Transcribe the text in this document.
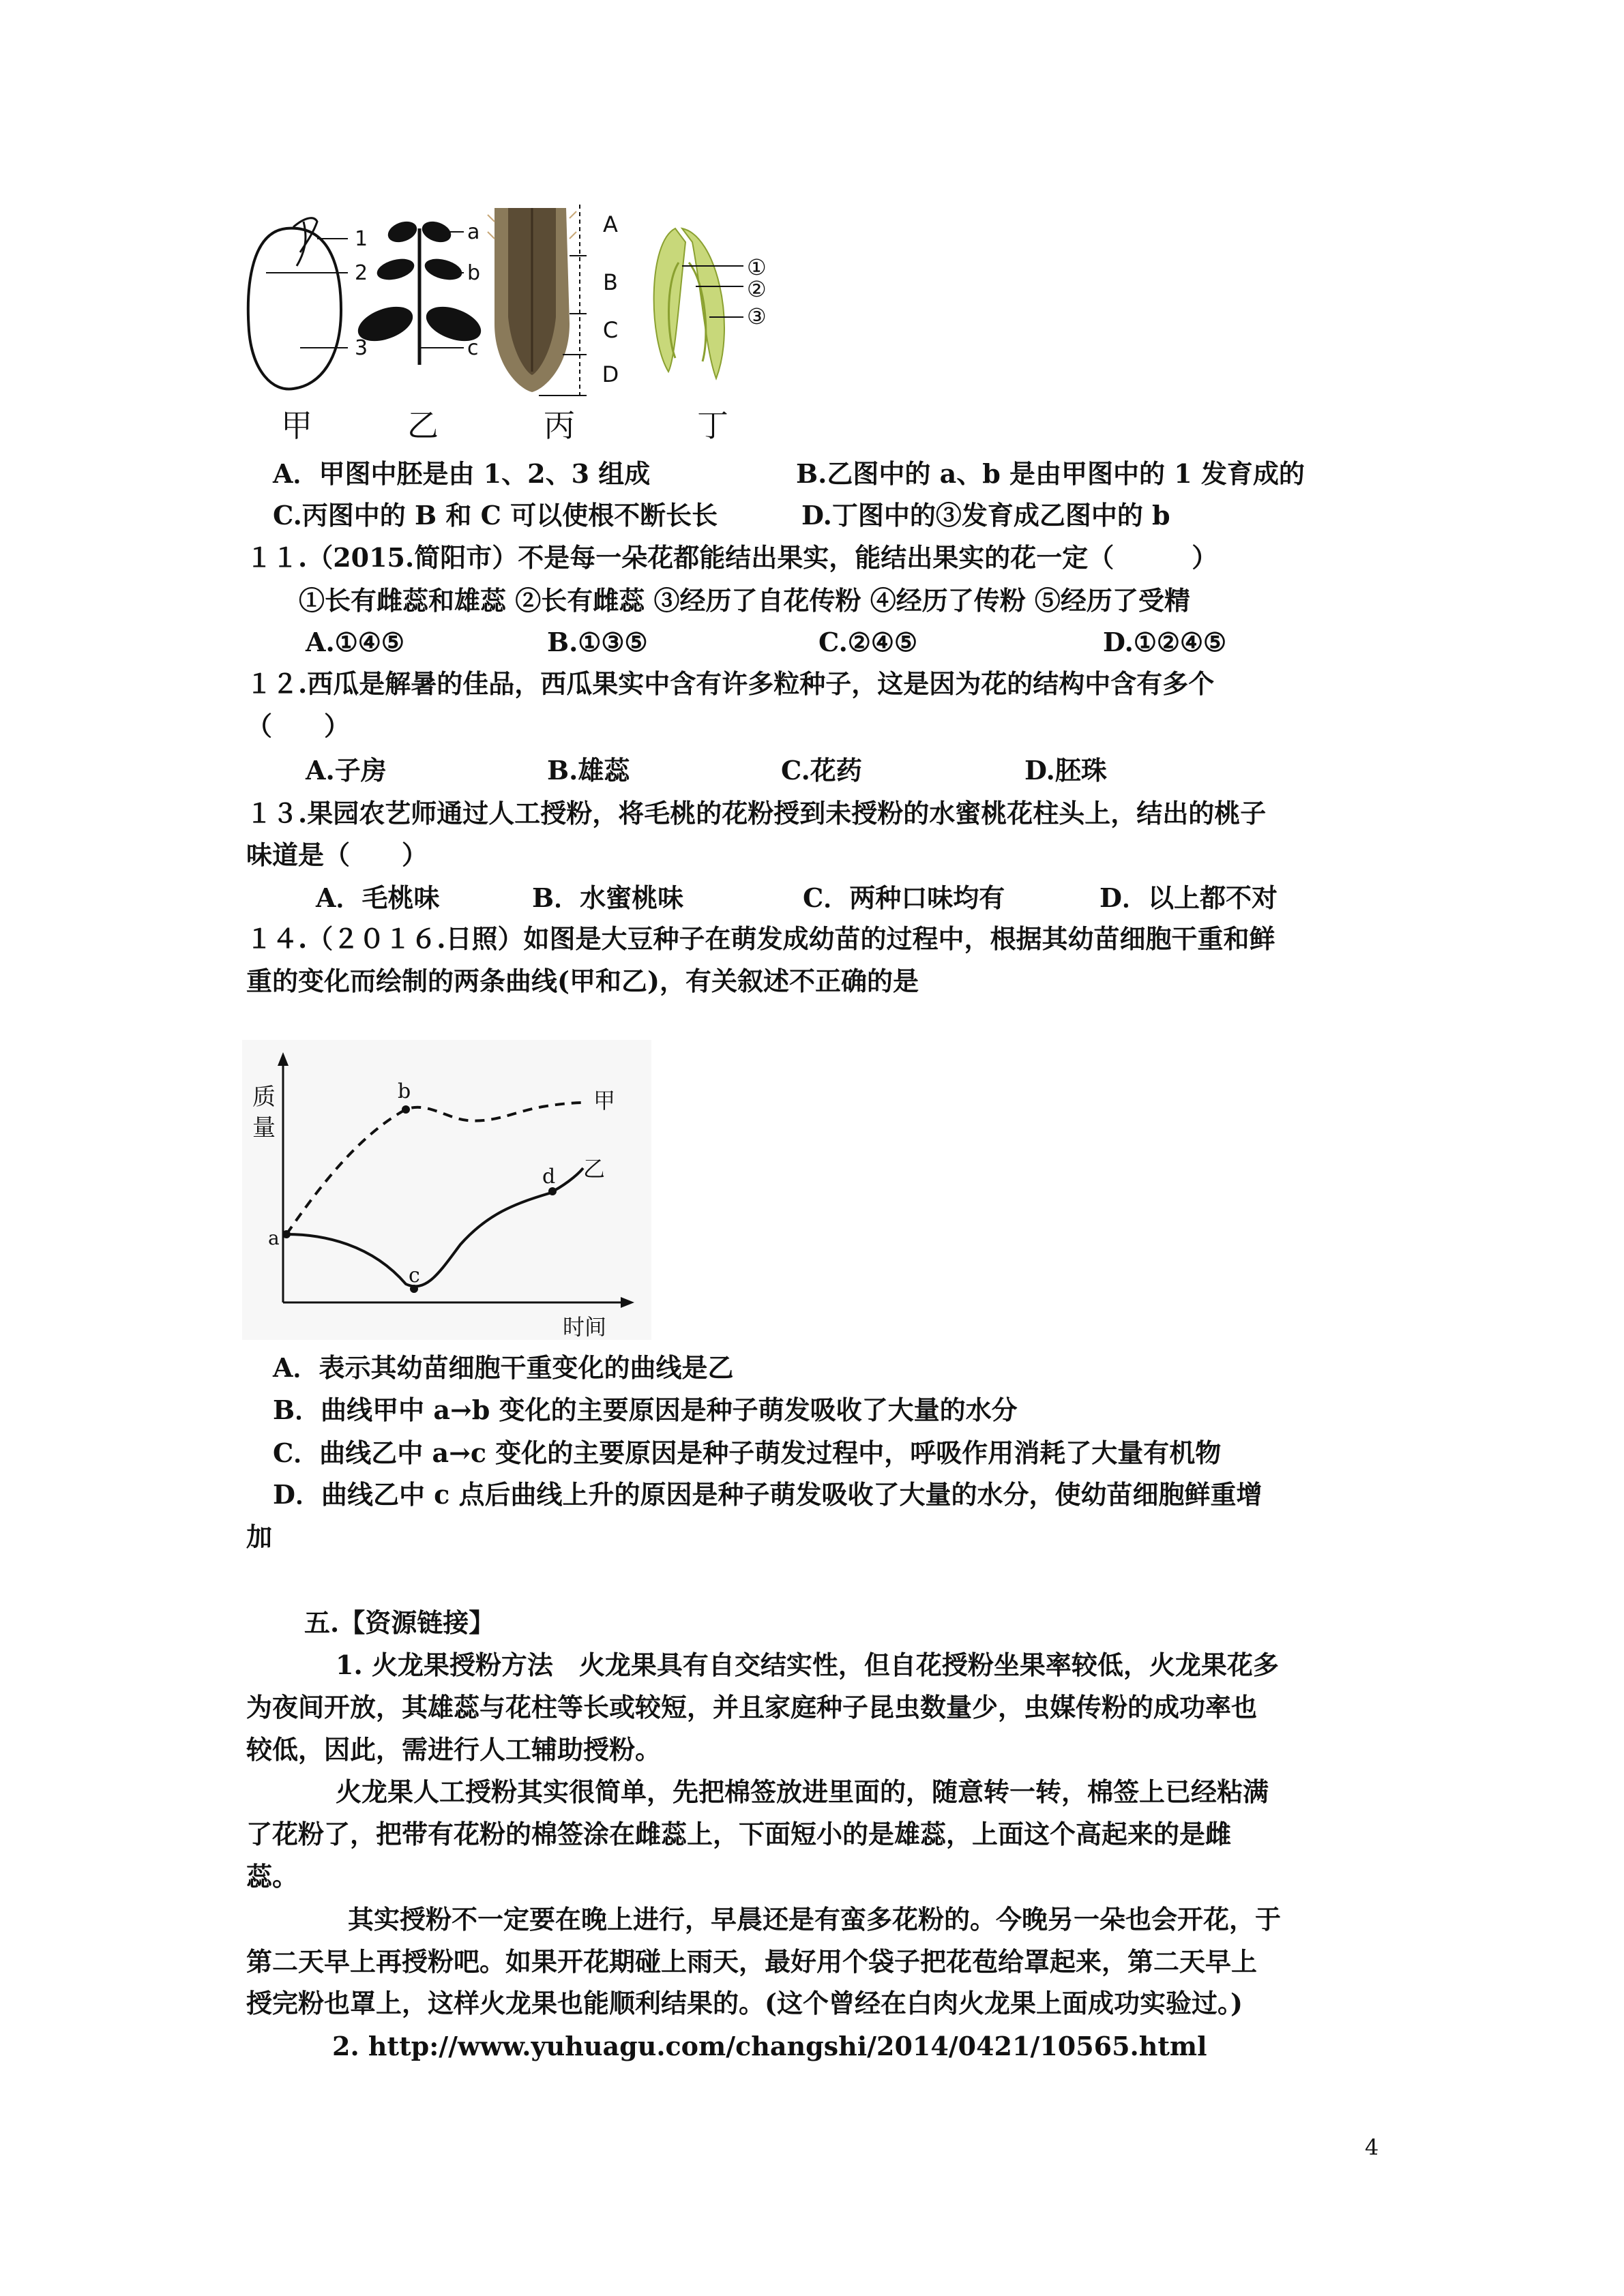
1
2
3
a
b
c
A
B
C
D
①
②
③
甲	乙	丙	丁
A．甲图中胚是由 1、2、3 组成	B.乙图中的 a、b 是由甲图中的 1 发育成的
C.丙图中的 B 和 C 可以使根不断长长	D.丁图中的③发育成乙图中的 b
１１.（2015.简阳市）不是每一朵花都能结出果实，能结出果实的花一定（　　　）
①长有雌蕊和雄蕊 ②长有雌蕊 ③经历了自花传粉 ④经历了传粉 ⑤经历了受精
A.①④⑤	B.①③⑤	C.②④⑤	D.①②④⑤
１２.西瓜是解暑的佳品，西瓜果实中含有许多粒种子，这是因为花的结构中含有多个
（　　）
A.子房	B.雄蕊	C.花药	D.胚珠
１３.果园农艺师通过人工授粉，将毛桃的花粉授到未授粉的水蜜桃花柱头上，结出的桃子
味道是（　　）
A．毛桃味	B．水蜜桃味	C．两种口味均有	D．以上都不对
１４.（２０１６.日照）如图是大豆种子在萌发成幼苗的过程中，根据其幼苗细胞干重和鲜
重的变化而绘制的两条曲线(甲和乙)，有关叙述不正确的是
质
量
时间
a
b
c
d
甲
乙
A．表示其幼苗细胞干重变化的曲线是乙
B．曲线甲中 a→b 变化的主要原因是种子萌发吸收了大量的水分
C．曲线乙中 a→c 变化的主要原因是种子萌发过程中，呼吸作用消耗了大量有机物
D．曲线乙中 c 点后曲线上升的原因是种子萌发吸收了大量的水分，使幼苗细胞鲜重增
加
五.【资源链接】
1. 火龙果授粉方法　火龙果具有自交结实性，但自花授粉坐果率较低，火龙果花多
为夜间开放，其雄蕊与花柱等长或较短，并且家庭种子昆虫数量少，虫媒传粉的成功率也
较低，因此，需进行人工辅助授粉。
火龙果人工授粉其实很简单，先把棉签放进里面的，随意转一转，棉签上已经粘满
了花粉了，把带有花粉的棉签涂在雌蕊上，下面短小的是雄蕊，上面这个高起来的是雌
蕊。
其实授粉不一定要在晚上进行，早晨还是有蛮多花粉的。今晚另一朵也会开花，于
第二天早上再授粉吧。如果开花期碰上雨天，最好用个袋子把花苞给罩起来，第二天早上
授完粉也罩上，这样火龙果也能顺利结果的。(这个曾经在白肉火龙果上面成功实验过。)
2. http://www.yuhuagu.com/changshi/2014/0421/10565.html
4
